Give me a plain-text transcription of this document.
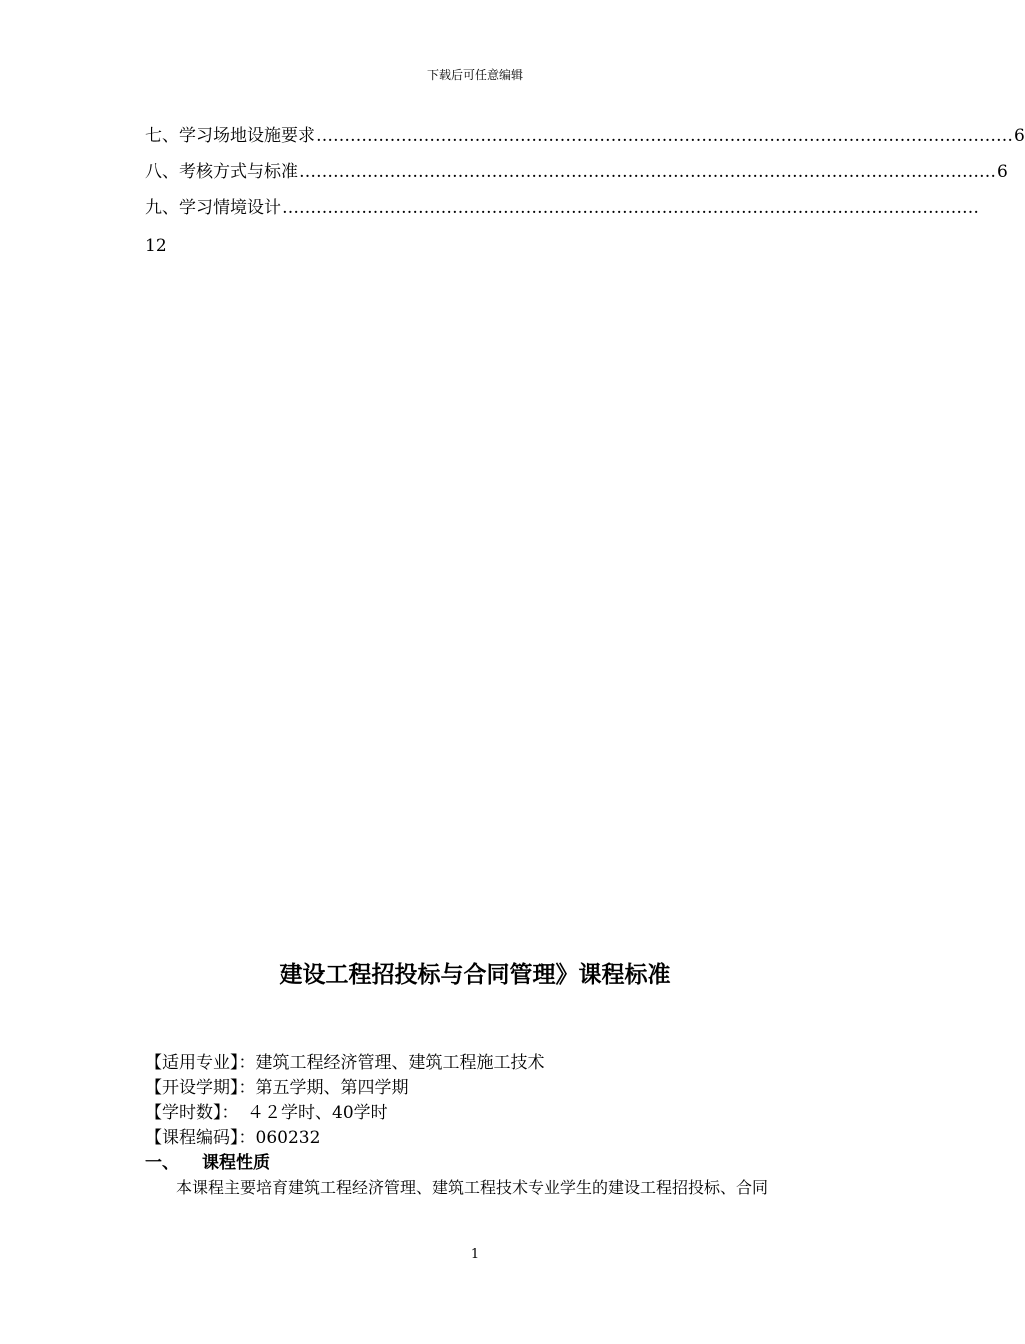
下载后可任意编辑
七、学习场地设施要求 …………………………………………………………………………………………………………… 6
八、考核方式与标准 …………………………………………………………………………………………………………… 6
九、学习情境设计 ……………………………………………………………………………………………………………
12
建设工程招投标与合同管理》课程标准
【适用专业】：建筑工程经济管理、建筑工程施工技术
【开设学期】：第五学期、第四学期
【学时数】：　４２学时、40学时
【课程编码】：060232
一、 课程性质
本课程主要培育建筑工程经济管理、建筑工程技术专业学生的建设工程招投标、合同
1
